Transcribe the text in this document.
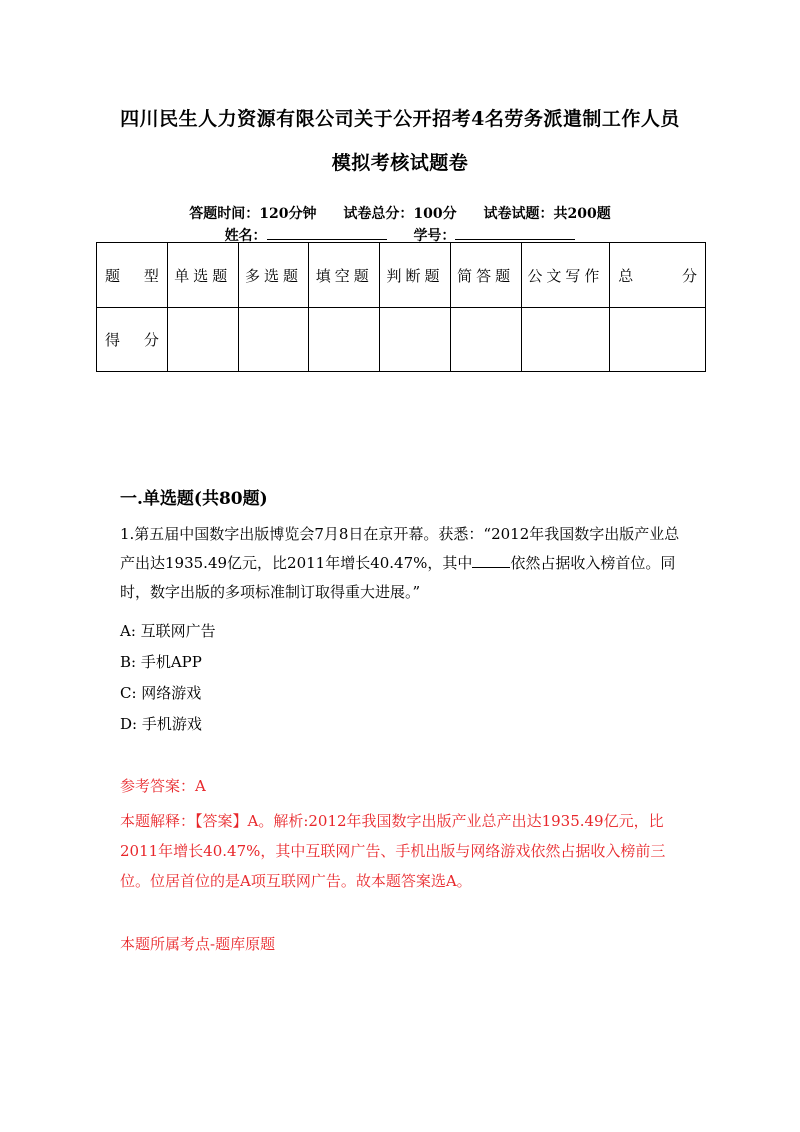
四川民生人力资源有限公司关于公开招考4名劳务派遣制工作人员
模拟考核试题卷
答题时间：120分钟 试卷总分：100分 试卷试题：共200题
姓名：	学号：
题 型	单选题	多选题	填空题	判断题	简答题	公文写作	总 分

得 分							

一.单选题(共80题)
1.第五届中国数字出版博览会7月8日在京开幕。获悉：“2012年我国数字出版产业总产出达1935.49亿元，比2011年增长40.47%，其中	依然占据收入榜首位。同时，数字出版的多项标准制订取得重大进展。”
A: 互联网广告
B: 手机APP
C: 网络游戏
D: 手机游戏
参考答案：A
本题解释：【答案】A。解析:2012年我国数字出版产业总产出达1935.49亿元，比2011年增长40.47%，其中互联网广告、手机出版与网络游戏依然占据收入榜前三位。位居首位的是A项互联网广告。故本题答案选A。
本题所属考点-题库原题
